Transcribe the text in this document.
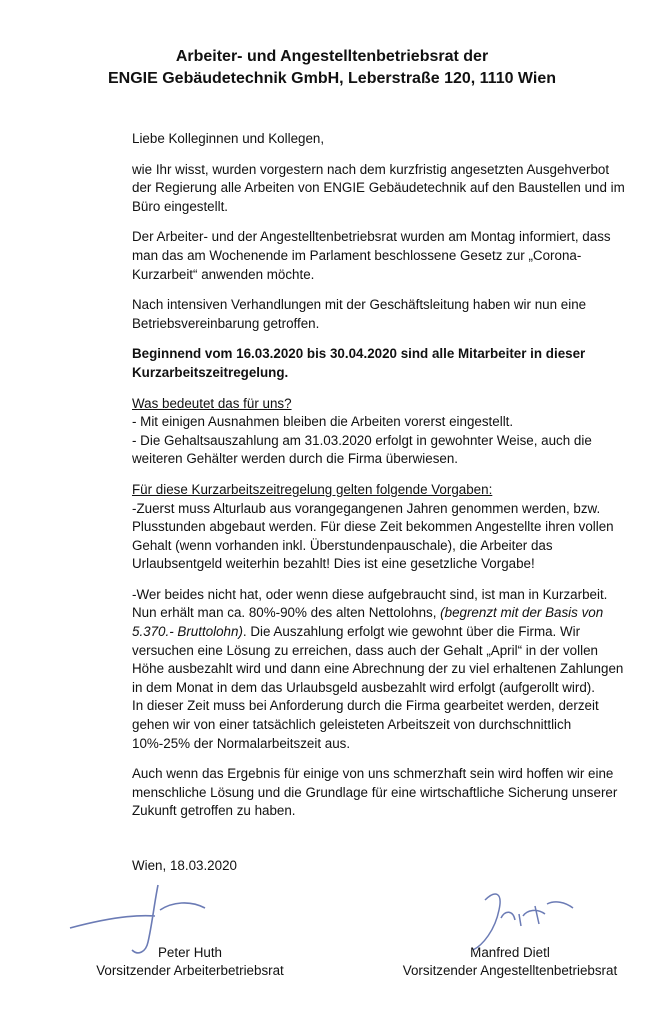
Arbeiter- und Angestelltenbetriebsrat der
ENGIE Gebäudetechnik GmbH, Leberstraße 120, 1110 Wien

Liebe Kolleginnen und Kollegen,

wie Ihr wisst, wurden vorgestern nach dem kurzfristig angesetzten Ausgehverbot der Regierung alle Arbeiten von ENGIE Gebäudetechnik auf den Baustellen und im Büro eingestellt.

Der Arbeiter- und der Angestelltenbetriebsrat wurden am Montag informiert, dass man das am Wochenende im Parlament beschlossene Gesetz zur „Corona-Kurzarbeit“ anwenden möchte.

Nach intensiven Verhandlungen mit der Geschäftsleitung haben wir nun eine Betriebsvereinbarung getroffen.

Beginnend vom 16.03.2020 bis 30.04.2020 sind alle Mitarbeiter in dieser Kurzarbeitszeitregelung.

Was bedeutet das für uns?
- Mit einigen Ausnahmen bleiben die Arbeiten vorerst eingestellt.
- Die Gehaltsauszahlung am 31.03.2020 erfolgt in gewohnter Weise, auch die weiteren Gehälter werden durch die Firma überwiesen.

Für diese Kurzarbeitszeitregelung gelten folgende Vorgaben:
-Zuerst muss Alturlaub aus vorangegangenen Jahren genommen werden, bzw. Plusstunden abgebaut werden. Für diese Zeit bekommen Angestellte ihren vollen Gehalt (wenn vorhanden inkl. Überstundenpauschale), die Arbeiter das Urlaubsentgeld weiterhin bezahlt! Dies ist eine gesetzliche Vorgabe!

-Wer beides nicht hat, oder wenn diese aufgebraucht sind, ist man in Kurzarbeit. Nun erhält man ca. 80%-90% des alten Nettolohns, (begrenzt mit der Basis von 5.370.- Bruttolohn). Die Auszahlung erfolgt wie gewohnt über die Firma. Wir versuchen eine Lösung zu erreichen, dass auch der Gehalt „April“ in der vollen Höhe ausbezahlt wird und dann eine Abrechnung der zu viel erhaltenen Zahlungen in dem Monat in dem das Urlaubsgeld ausbezahlt wird erfolgt (aufgerollt wird).
In dieser Zeit muss bei Anforderung durch die Firma gearbeitet werden, derzeit gehen wir von einer tatsächlich geleisteten Arbeitszeit von durchschnittlich 10%-25% der Normalarbeitszeit aus.

Auch wenn das Ergebnis für einige von uns schmerzhaft sein wird hoffen wir eine menschliche Lösung und die Grundlage für eine wirtschaftliche Sicherung unserer Zukunft getroffen zu haben.

Wien, 18.03.2020
Peter Huth
Vorsitzender Arbeiterbetriebsrat
Manfred Dietl
Vorsitzender Angestelltenbetriebsrat
